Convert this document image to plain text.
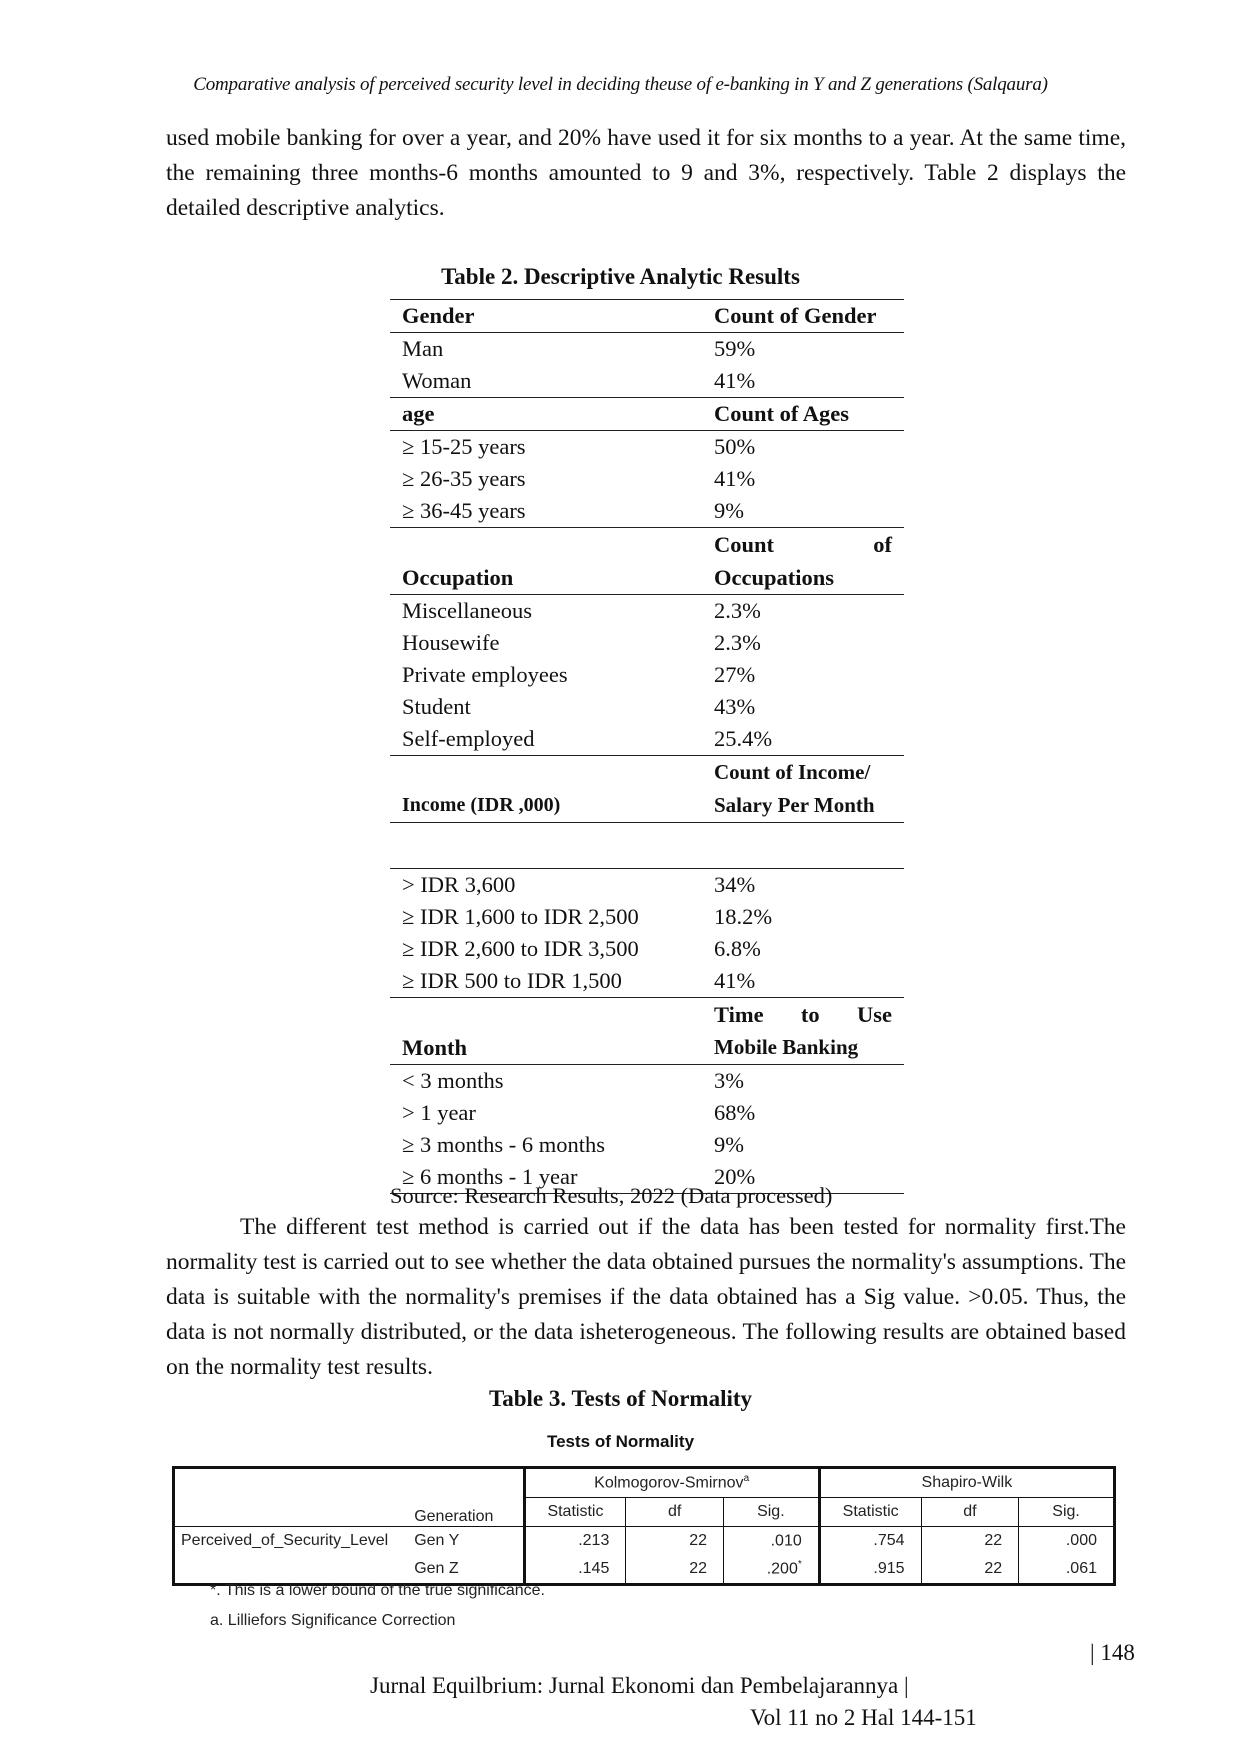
Comparative analysis of perceived security level in deciding theuse of e-banking in Y and Z generations (Salqaura)

used mobile banking for over a year, and 20% have used it for six months to a year. At the same time, the remaining three months-6 months amounted to 9 and 3%, respectively. Table 2 displays the detailed descriptive analytics.

Table 2. Descriptive Analytic Results
Gender	Count of Gender
Man	59%
Woman	41%
age	Count of Ages
≥ 15-25 years	50%
≥ 26-35 years	41%
≥ 36-45 years	9%
Occupation	Count of
Occupations

Miscellaneous	2.3%
Housewife	2.3%
Private employees	27%
Student	43%
Self-employed	25.4%
Income (IDR ,000)	Count of Income/
Salary Per Month

> IDR 3,600	34%
≥ IDR 1,600 to IDR 2,500	18.2%
≥ IDR 2,600 to IDR 3,500	6.8%
≥ IDR 500 to IDR 1,500	41%
Month	Time to Use
Mobile Banking

< 3 months	3%
> 1 year	68%
≥ 3 months - 6 months	9%
≥ 6 months - 1 year	20%
Source: Research Results, 2022 (Data processed)

The different test method is carried out if the data has been tested for normality first.The normality test is carried out to see whether the data obtained pursues the normality's assumptions. The data is suitable with the normality's premises if the data obtained has a Sig value. >0.05. Thus, the data is not normally distributed, or the data isheterogeneous. The following results are obtained based on the normality test results.

Table 3. Tests of Normality
Tests of Normality
		Kolmogorov-Smirnov$^a$			Shapiro-Wilk		
	Generation	Statistic	df	Sig.	Statistic	df	Sig.
Perceived_of_Security_Level	Gen Y	.213	22	.010	.754	22	.000
	Gen Z	.145	22	.200*	.915	22	.061
*. This is a lower bound of the true significance.
a. Lilliefors Significance Correction
| 148
Jurnal Equilbrium: Jurnal Ekonomi dan Pembelajarannya |
Vol 11 no 2 Hal 144-151
